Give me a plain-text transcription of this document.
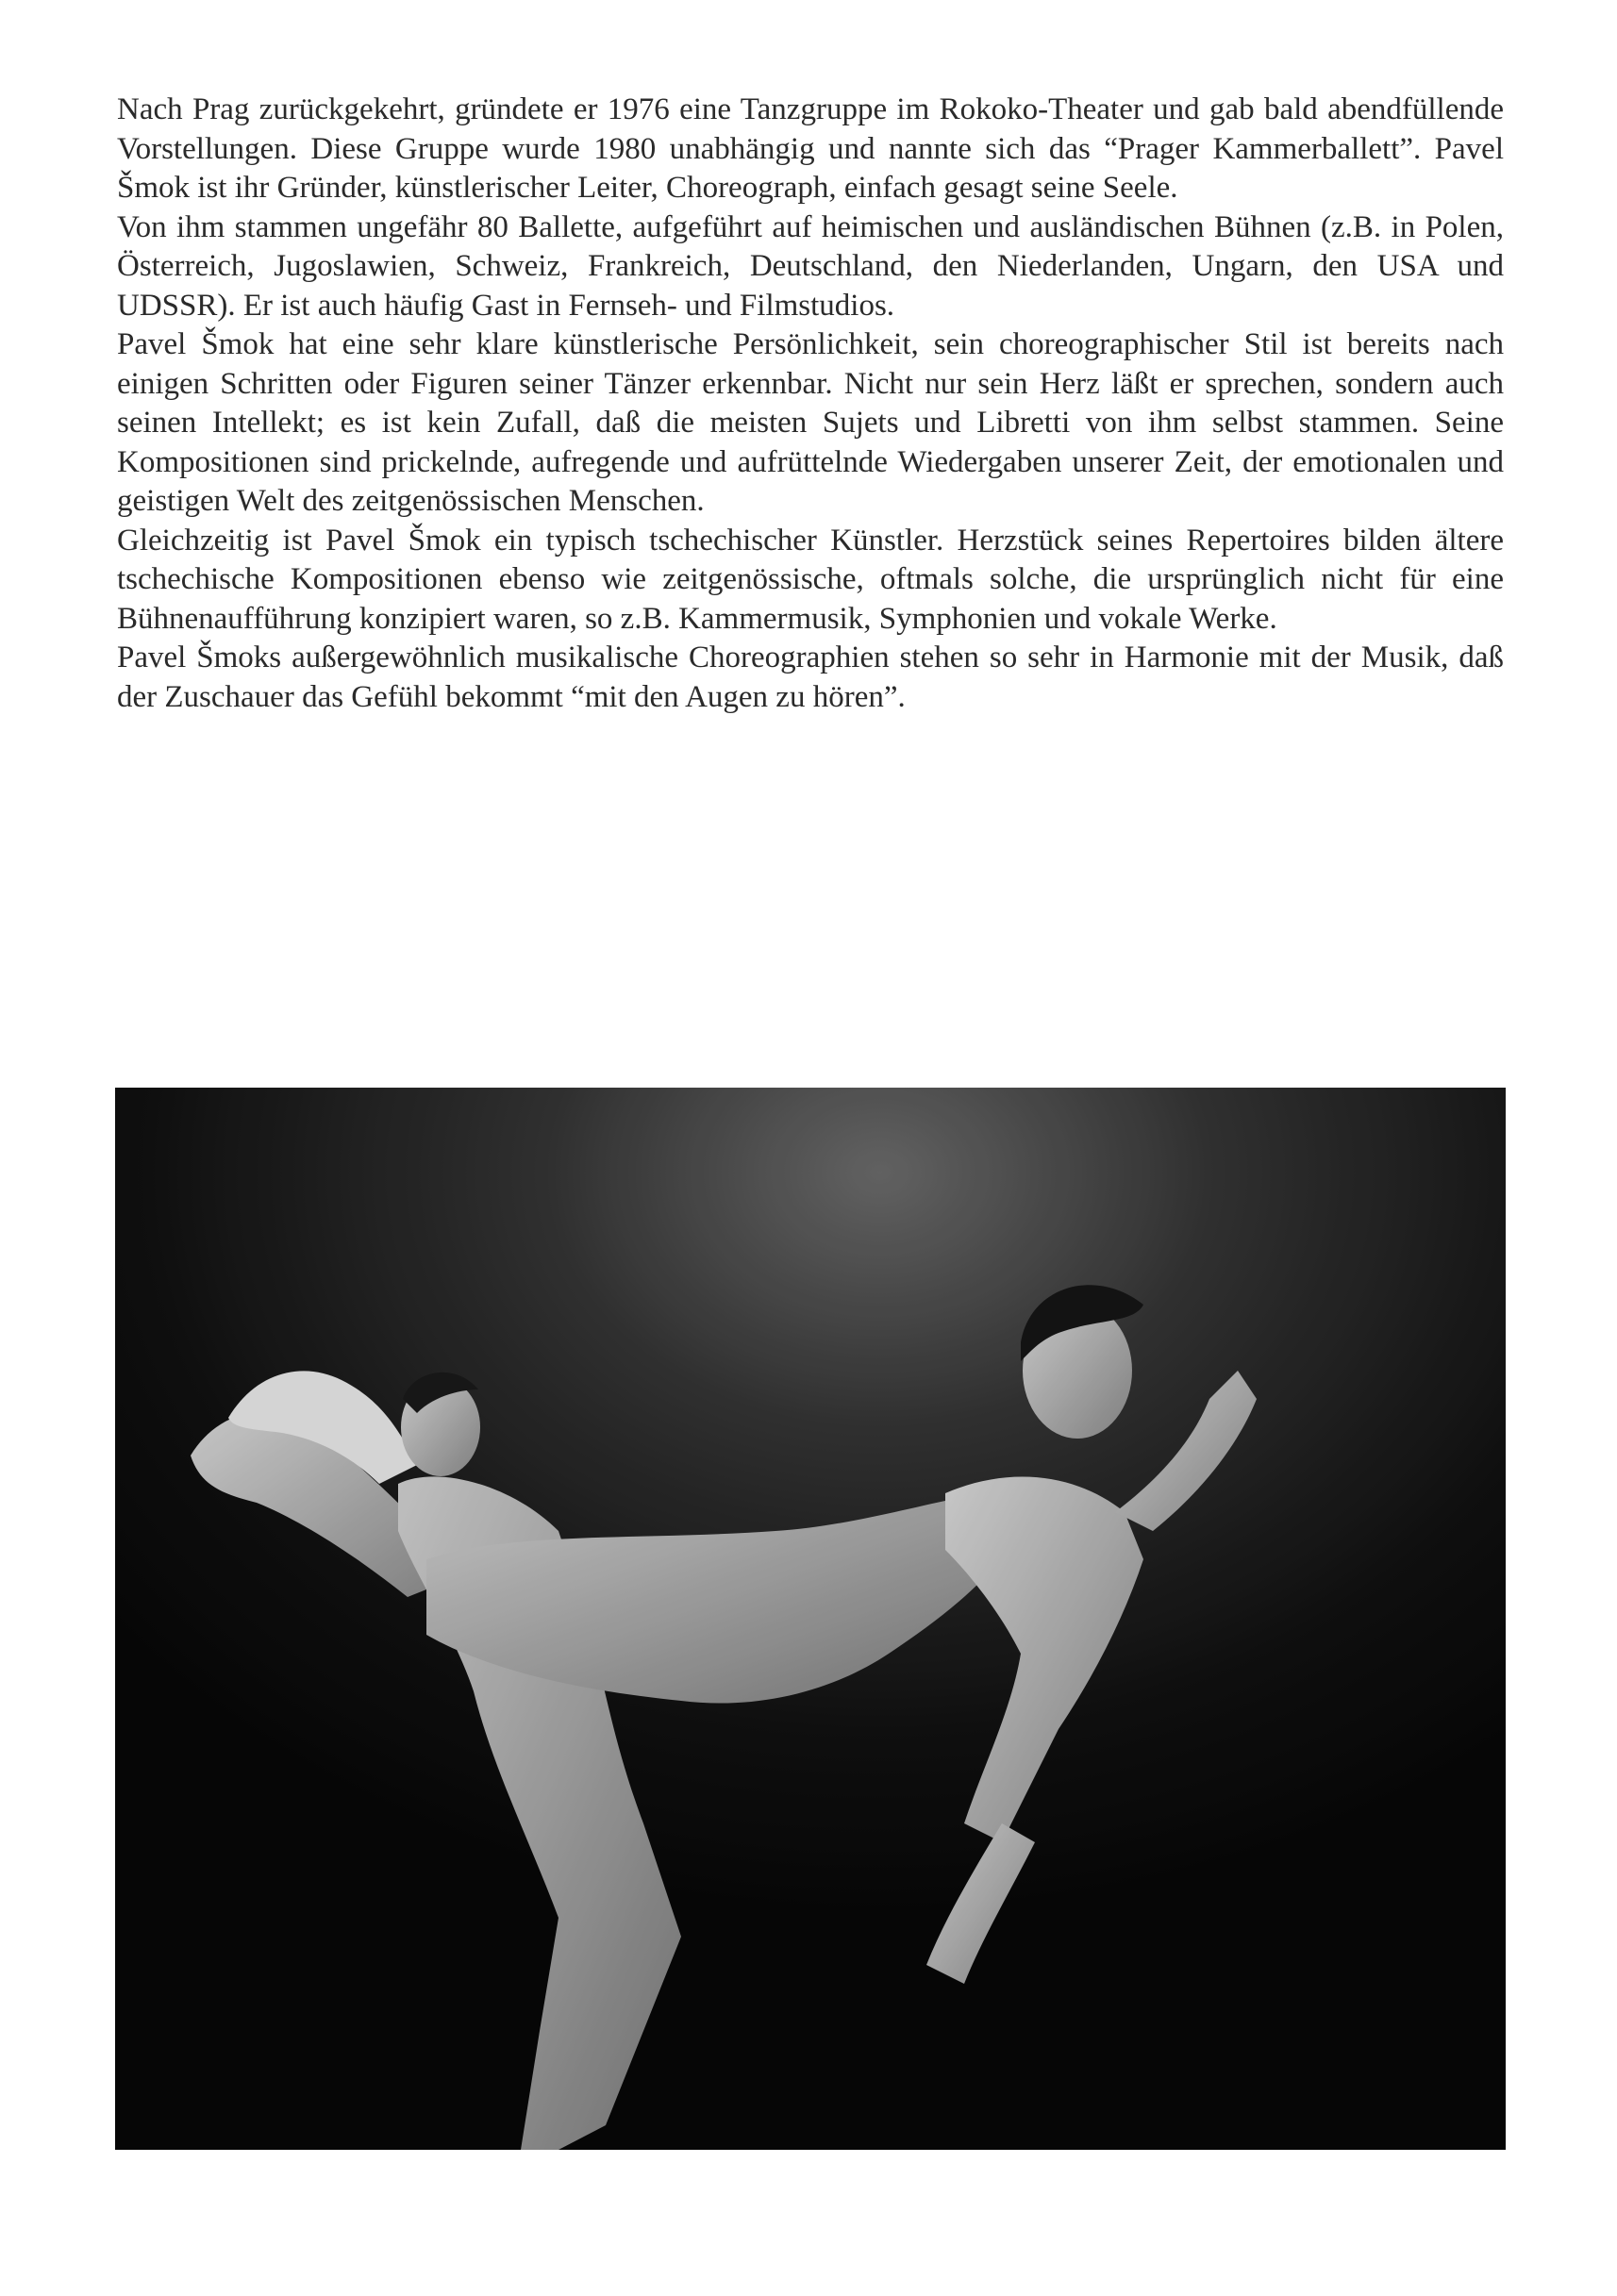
Nach Prag zurückgekehrt, gründete er 1976 eine Tanzgruppe im Rokoko-Theater und gab bald abendfüllende Vorstellungen. Diese Gruppe wurde 1980 unabhängig und nannte sich das “Prager Kammerballett”. Pavel Šmok ist ihr Gründer, künstlerischer Leiter, Choreograph, einfach gesagt seine Seele.

Von ihm stammen ungefähr 80 Ballette, aufgeführt auf heimischen und ausländischen Bühnen (z.B. in Polen, Österreich, Jugoslawien, Schweiz, Frankreich, Deutschland, den Niederlanden, Ungarn, den USA und UDSSR). Er ist auch häufig Gast in Fernseh- und Filmstudios.

Pavel Šmok hat eine sehr klare künstlerische Persönlichkeit, sein choreographischer Stil ist bereits nach einigen Schritten oder Figuren seiner Tänzer erkennbar. Nicht nur sein Herz läßt er sprechen, sondern auch seinen Intellekt; es ist kein Zufall, daß die meisten Sujets und Libretti von ihm selbst stammen. Seine Kompositionen sind prickelnde, aufregende und aufrüttelnde Wiedergaben unserer Zeit, der emotionalen und geistigen Welt des zeitgenössischen Menschen.

Gleichzeitig ist Pavel Šmok ein typisch tschechischer Künstler. Herzstück seines Repertoires bilden ältere tschechische Kompositionen ebenso wie zeitgenössische, oftmals solche, die ursprünglich nicht für eine Bühnenaufführung konzipiert waren, so z.B. Kammermusik, Symphonien und vokale Werke.

Pavel Šmoks außergewöhnlich musikalische Choreographien stehen so sehr in Harmonie mit der Musik, daß der Zuschauer das Gefühl bekommt “mit den Augen zu hören”.
